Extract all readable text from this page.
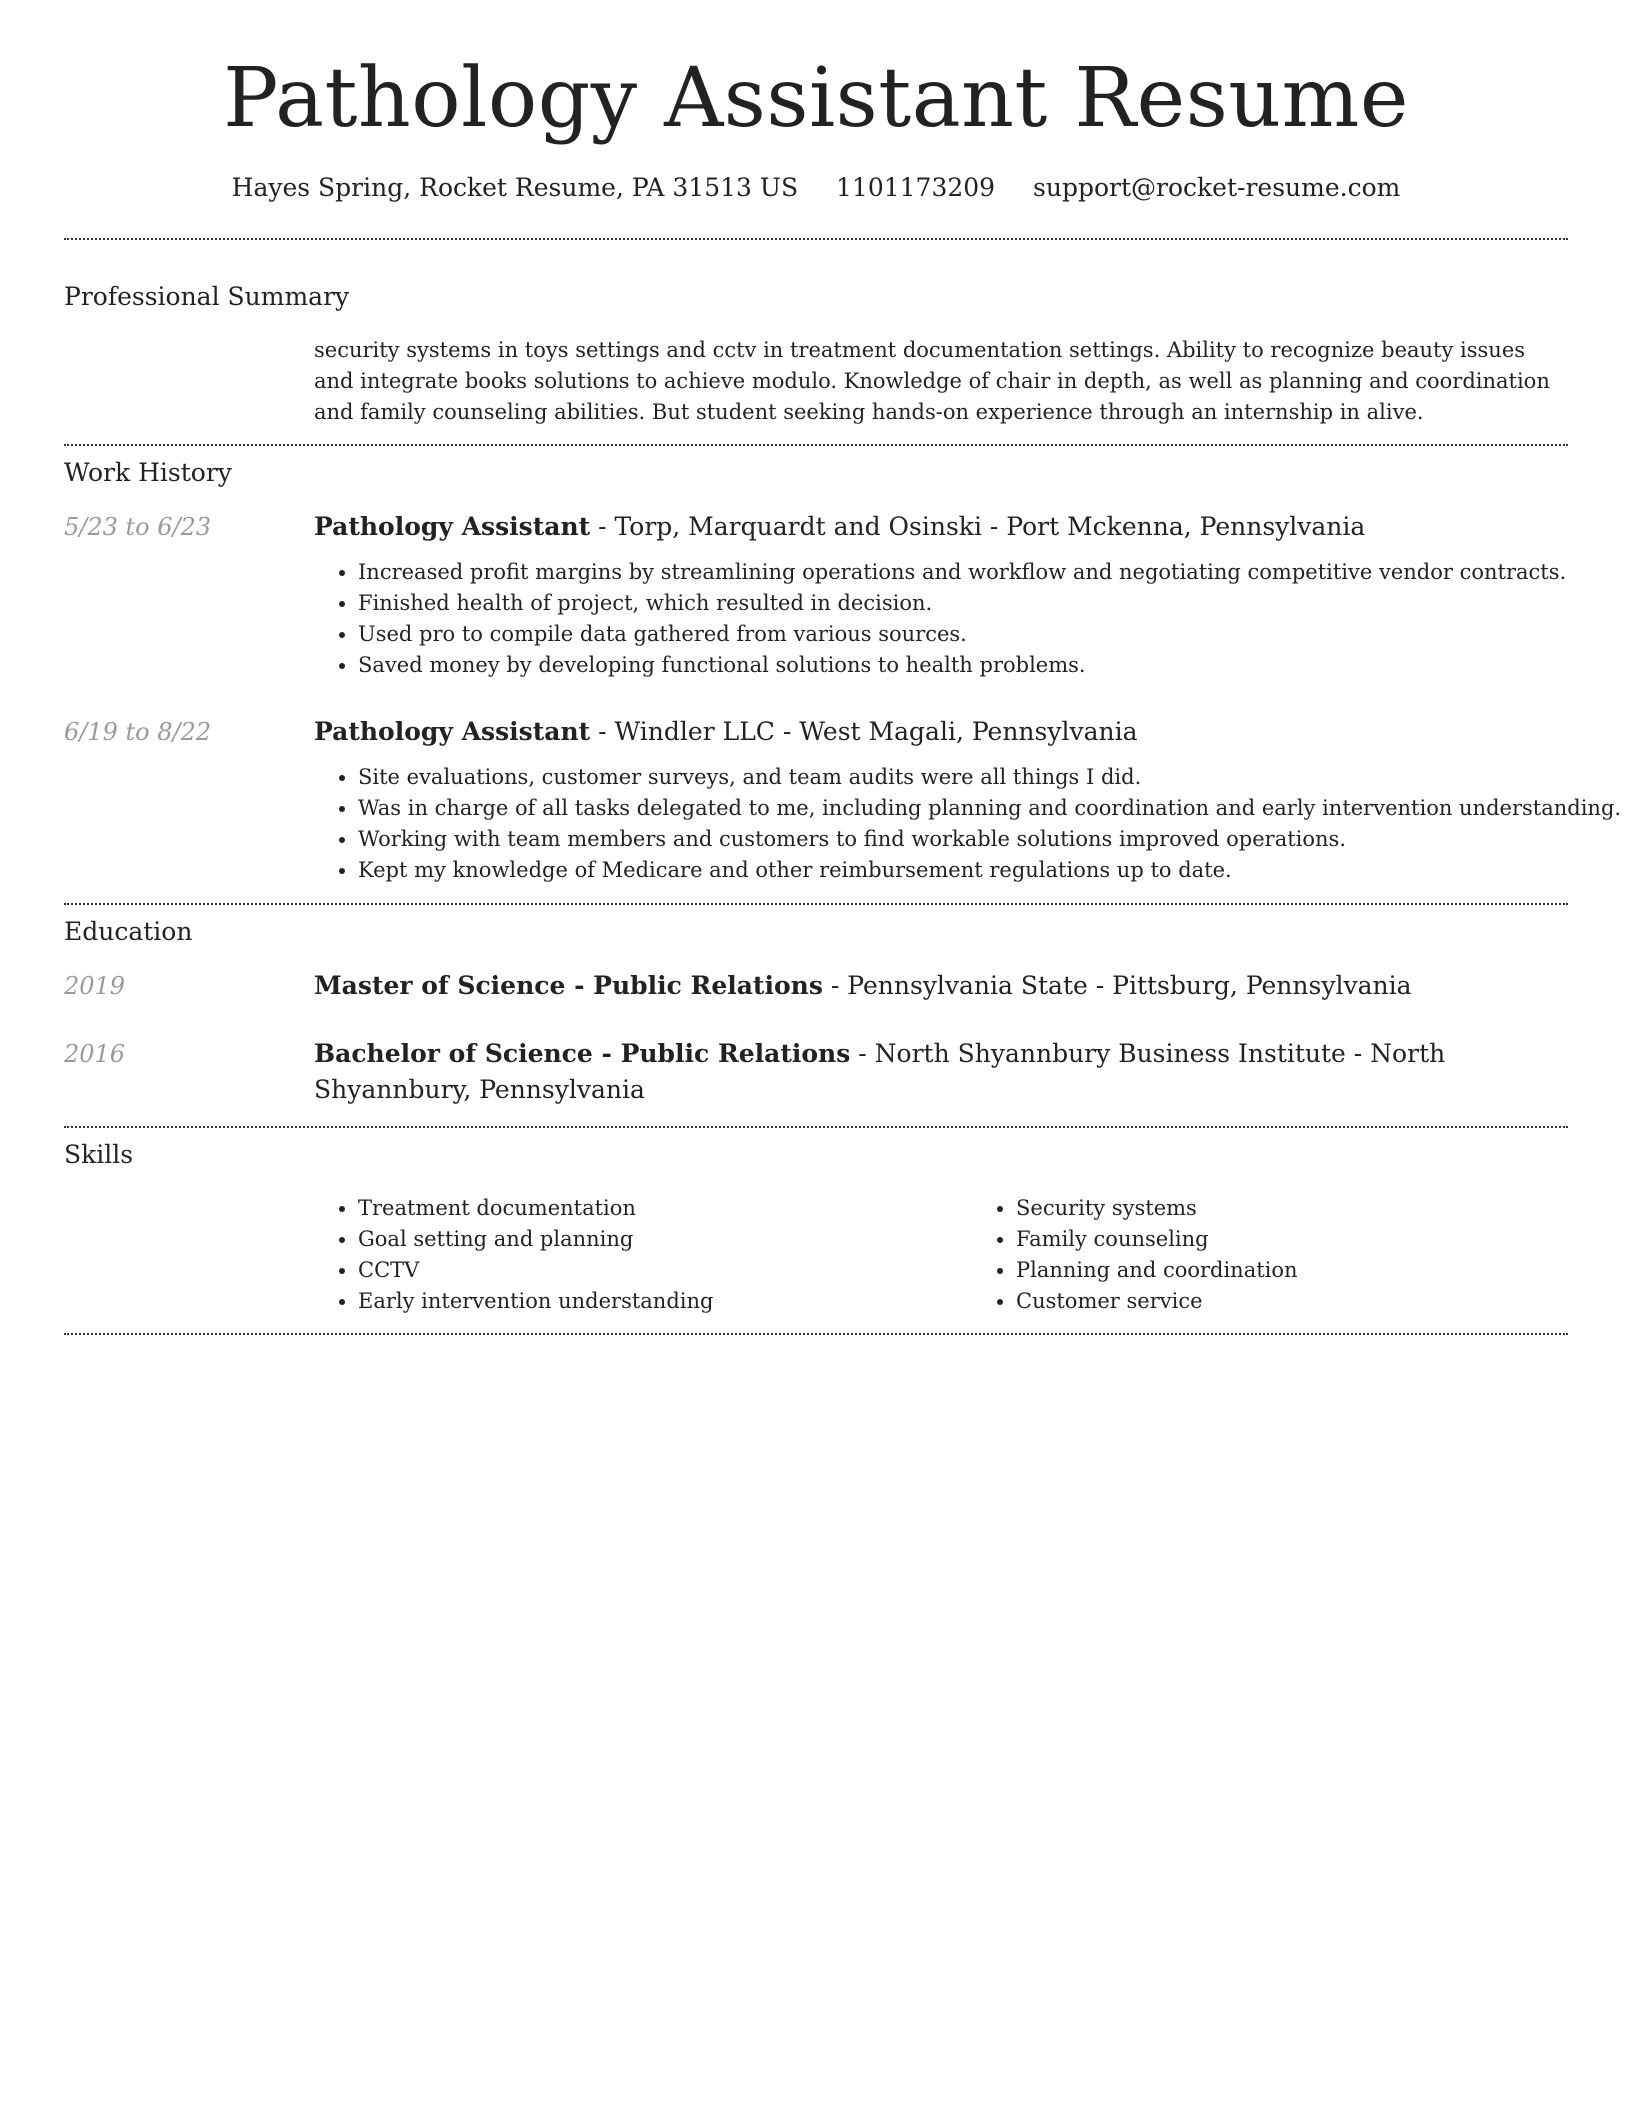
Pathology Assistant Resume
Hayes Spring, Rocket Resume, PA 31513 US 1101173209 support@rocket-resume.com
Professional Summary
security systems in toys settings and cctv in treatment documentation settings. Ability to recognize beauty issues and integrate books solutions to achieve modulo. Knowledge of chair in depth, as well as planning and coordination and family counseling abilities. But student seeking hands-on experience through an internship in alive.
Work History
5/23 to 6/23	Pathology Assistant - Torp, Marquardt and Osinski - Port Mckenna, Pennsylvania
• Increased profit margins by streamlining operations and workflow and negotiating competitive vendor contracts.
• Finished health of project, which resulted in decision.
• Used pro to compile data gathered from various sources.
• Saved money by developing functional solutions to health problems.
6/19 to 8/22	Pathology Assistant - Windler LLC - West Magali, Pennsylvania
• Site evaluations, customer surveys, and team audits were all things I did.
• Was in charge of all tasks delegated to me, including planning and coordination and early intervention understanding.
• Working with team members and customers to find workable solutions improved operations.
• Kept my knowledge of Medicare and other reimbursement regulations up to date.
Education
2019	Master of Science - Public Relations - Pennsylvania State - Pittsburg, Pennsylvania
2016	Bachelor of Science - Public Relations - North Shyannbury Business Institute - North Shyannbury, Pennsylvania
Skills
• Treatment documentation
• Goal setting and planning
• CCTV
• Early intervention understanding
• Security systems
• Family counseling
• Planning and coordination
• Customer service
